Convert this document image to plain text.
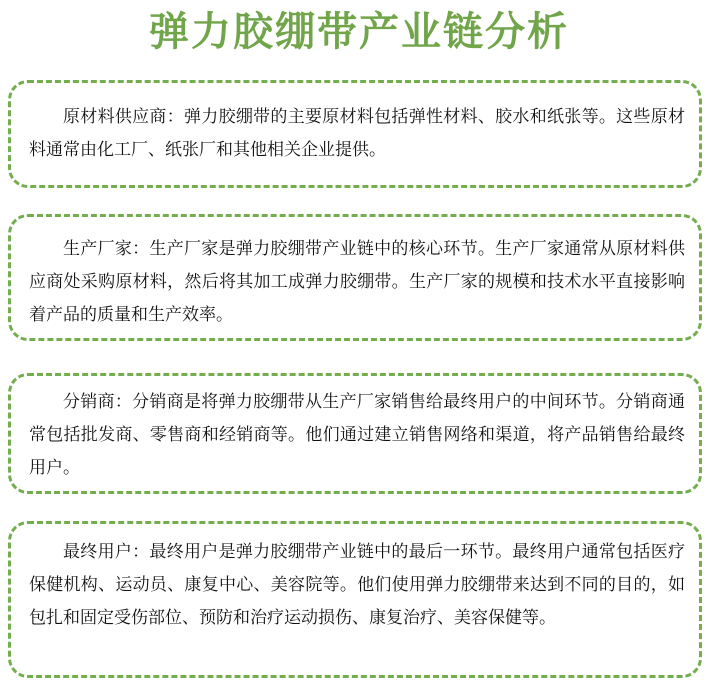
弹力胶绷带产业链分析

原材料供应商：弹力胶绷带的主要原材料包括弹性材料、胶水和纸张等。这些原材料通常由化工厂、纸张厂和其他相关企业提供。

生产厂家：生产厂家是弹力胶绷带产业链中的核心环节。生产厂家通常从原材料供应商处采购原材料，然后将其加工成弹力胶绷带。生产厂家的规模和技术水平直接影响着产品的质量和生产效率。

分销商：分销商是将弹力胶绷带从生产厂家销售给最终用户的中间环节。分销商通常包括批发商、零售商和经销商等。他们通过建立销售网络和渠道，将产品销售给最终用户。

最终用户：最终用户是弹力胶绷带产业链中的最后一环节。最终用户通常包括医疗保健机构、运动员、康复中心、美容院等。他们使用弹力胶绷带来达到不同的目的，如包扎和固定受伤部位、预防和治疗运动损伤、康复治疗、美容保健等。
